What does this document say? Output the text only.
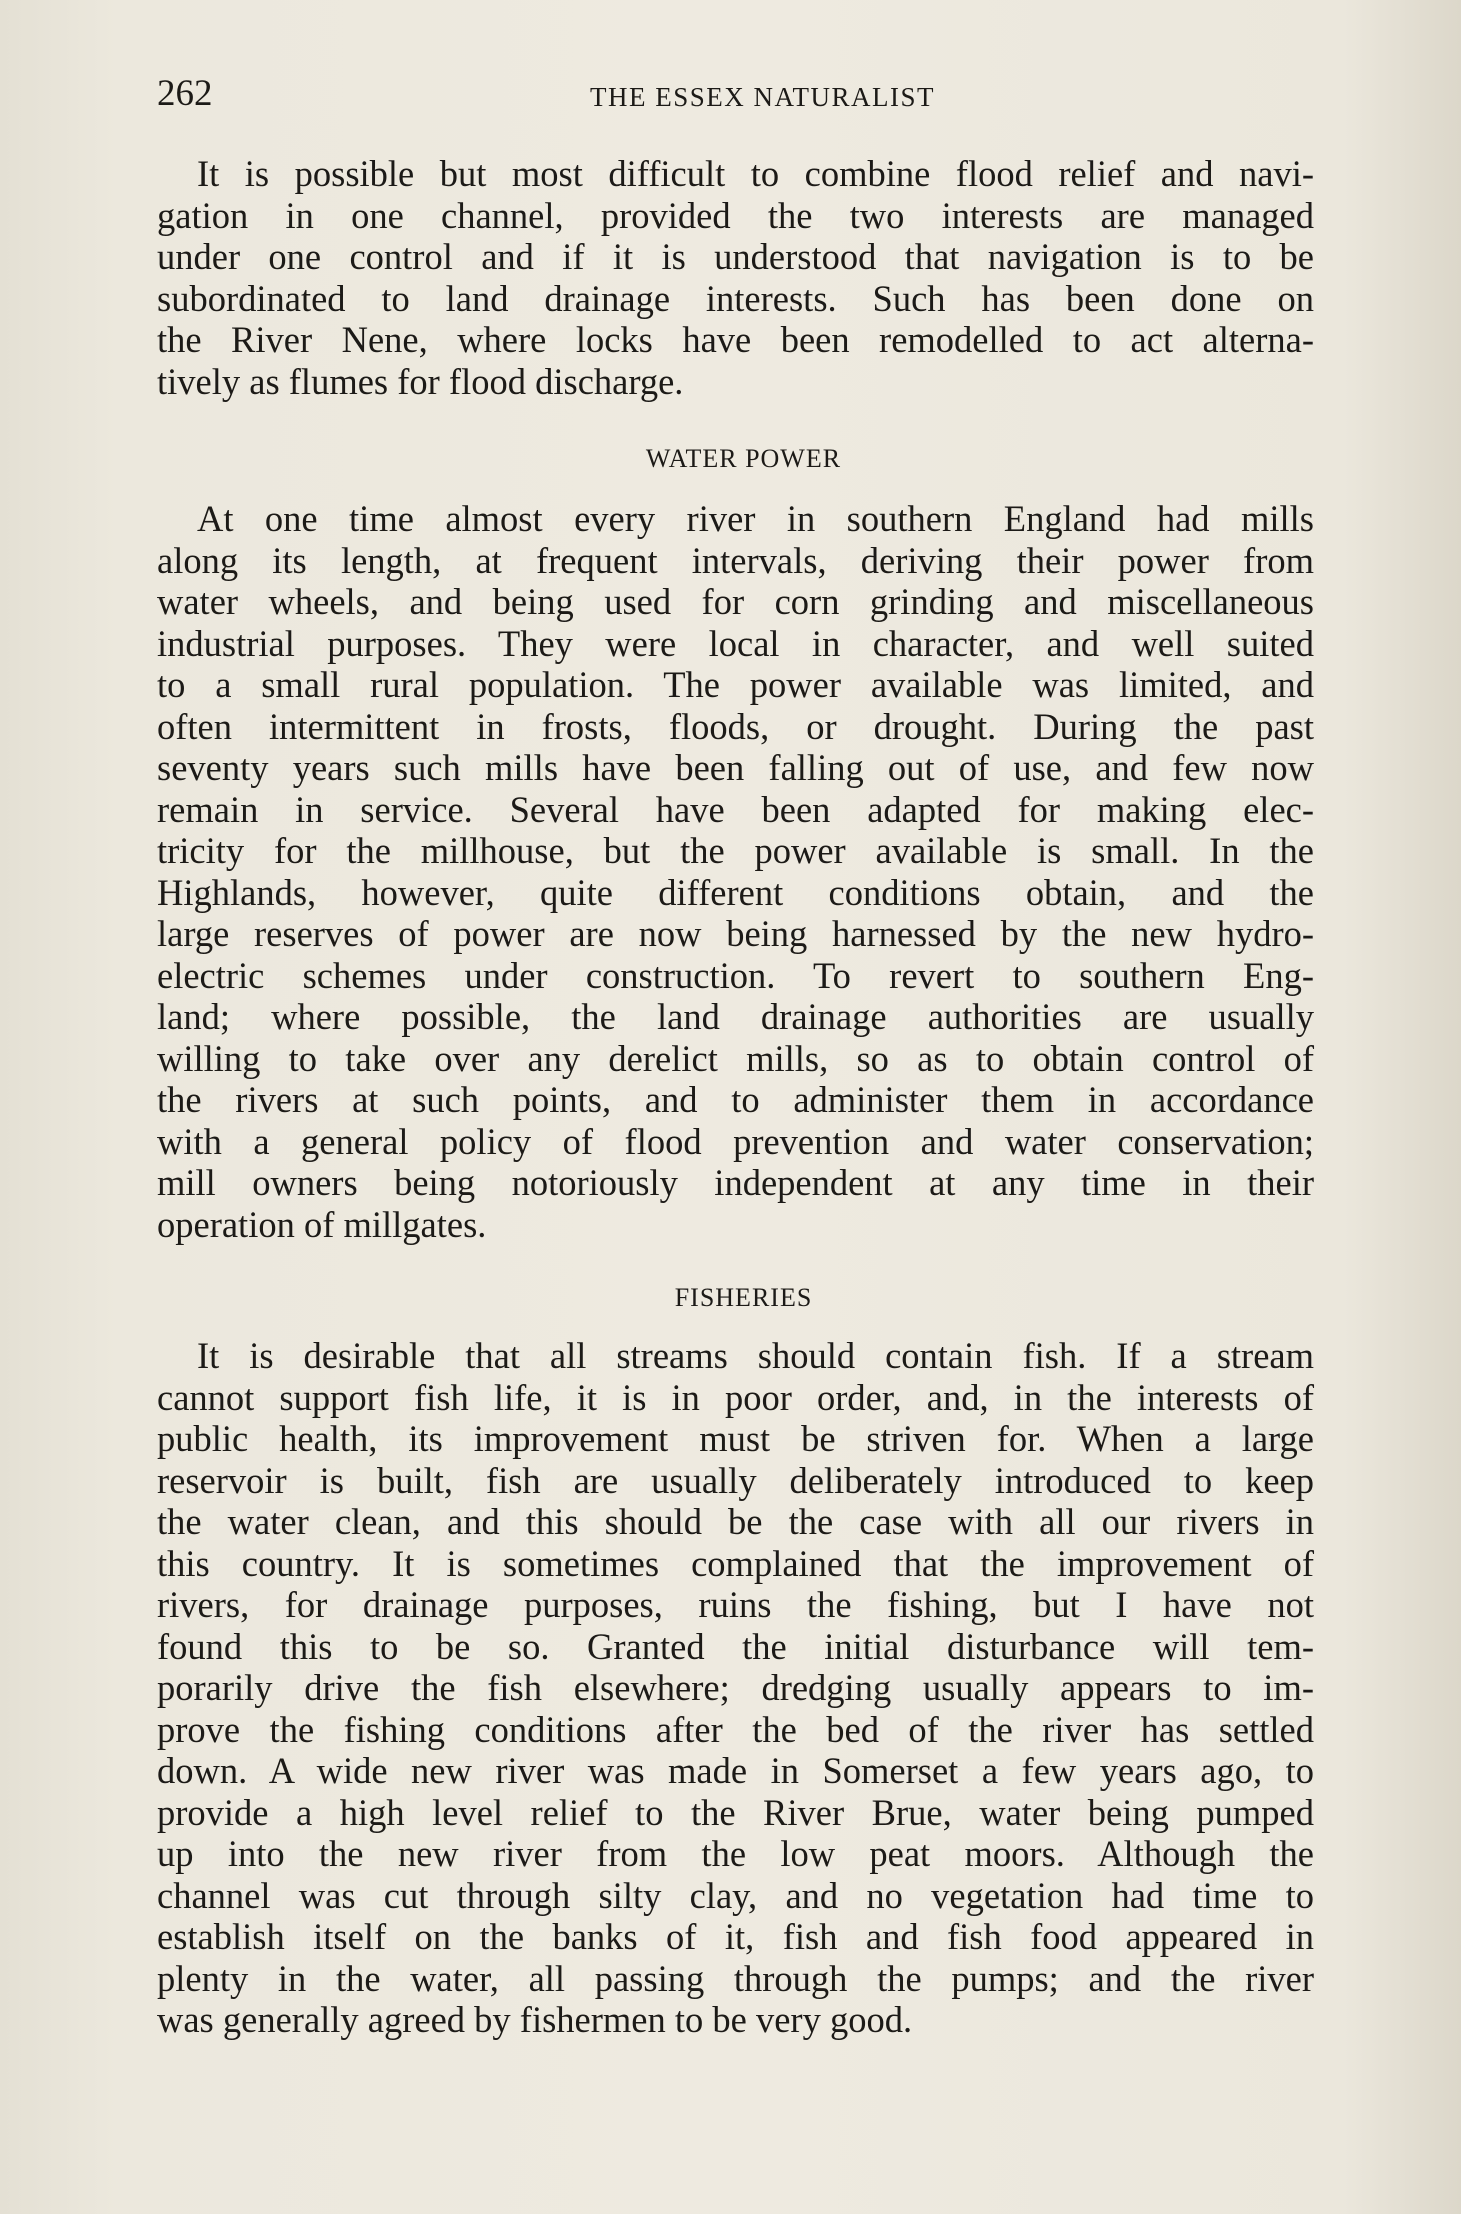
262	THE ESSEX NATURALIST
It is possible but most difficult to combine flood relief and navi-
gation in one channel, provided the two interests are managed
under one control and if it is understood that navigation is to be
subordinated to land drainage interests. Such has been done on
the River Nene, where locks have been remodelled to act alterna-
tively as flumes for flood discharge.
WATER POWER
At one time almost every river in southern England had mills
along its length, at frequent intervals, deriving their power from
water wheels, and being used for corn grinding and miscellaneous
industrial purposes. They were local in character, and well suited
to a small rural population. The power available was limited, and
often intermittent in frosts, floods, or drought. During the past
seventy years such mills have been falling out of use, and few now
remain in service. Several have been adapted for making elec-
tricity for the millhouse, but the power available is small. In the
Highlands, however, quite different conditions obtain, and the
large reserves of power are now being harnessed by the new hydro-
electric schemes under construction. To revert to southern Eng-
land; where possible, the land drainage authorities are usually
willing to take over any derelict mills, so as to obtain control of
the rivers at such points, and to administer them in accordance
with a general policy of flood prevention and water conservation;
mill owners being notoriously independent at any time in their
operation of millgates.
FISHERIES
It is desirable that all streams should contain fish. If a stream
cannot support fish life, it is in poor order, and, in the interests of
public health, its improvement must be striven for. When a large
reservoir is built, fish are usually deliberately introduced to keep
the water clean, and this should be the case with all our rivers in
this country. It is sometimes complained that the improvement of
rivers, for drainage purposes, ruins the fishing, but I have not
found this to be so. Granted the initial disturbance will tem-
porarily drive the fish elsewhere; dredging usually appears to im-
prove the fishing conditions after the bed of the river has settled
down. A wide new river was made in Somerset a few years ago, to
provide a high level relief to the River Brue, water being pumped
up into the new river from the low peat moors. Although the
channel was cut through silty clay, and no vegetation had time to
establish itself on the banks of it, fish and fish food appeared in
plenty in the water, all passing through the pumps; and the river
was generally agreed by fishermen to be very good.
